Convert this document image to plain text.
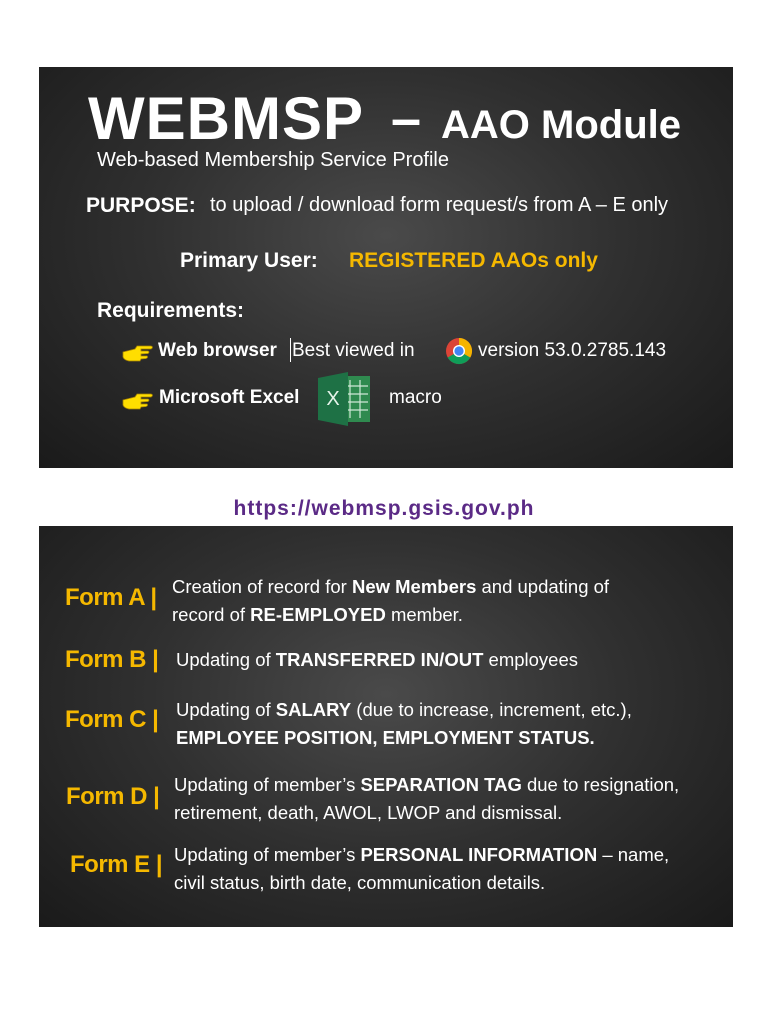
WEBMSP – AAO Module
Web-based Membership Service Profile
PURPOSE: to upload / download form request/s from A – E only
Primary User: REGISTERED AAOs only
Requirements:
Web browser Best viewed in	version 53.0.2785.143
Microsoft Excel X	macro
https://webmsp.gsis.gov.ph
Form A | Creation of record for New Members and updating of
record of RE-EMPLOYED member.
Form B | Updating of TRANSFERRED IN/OUT employees
Form C | Updating of SALARY (due to increase, increment, etc.),
EMPLOYEE POSITION, EMPLOYMENT STATUS.
Form D | Updating of member’s SEPARATION TAG due to resignation,
retirement, death, AWOL, LWOP and dismissal.
Form E | Updating of member’s PERSONAL INFORMATION – name,
civil status, birth date, communication details.
